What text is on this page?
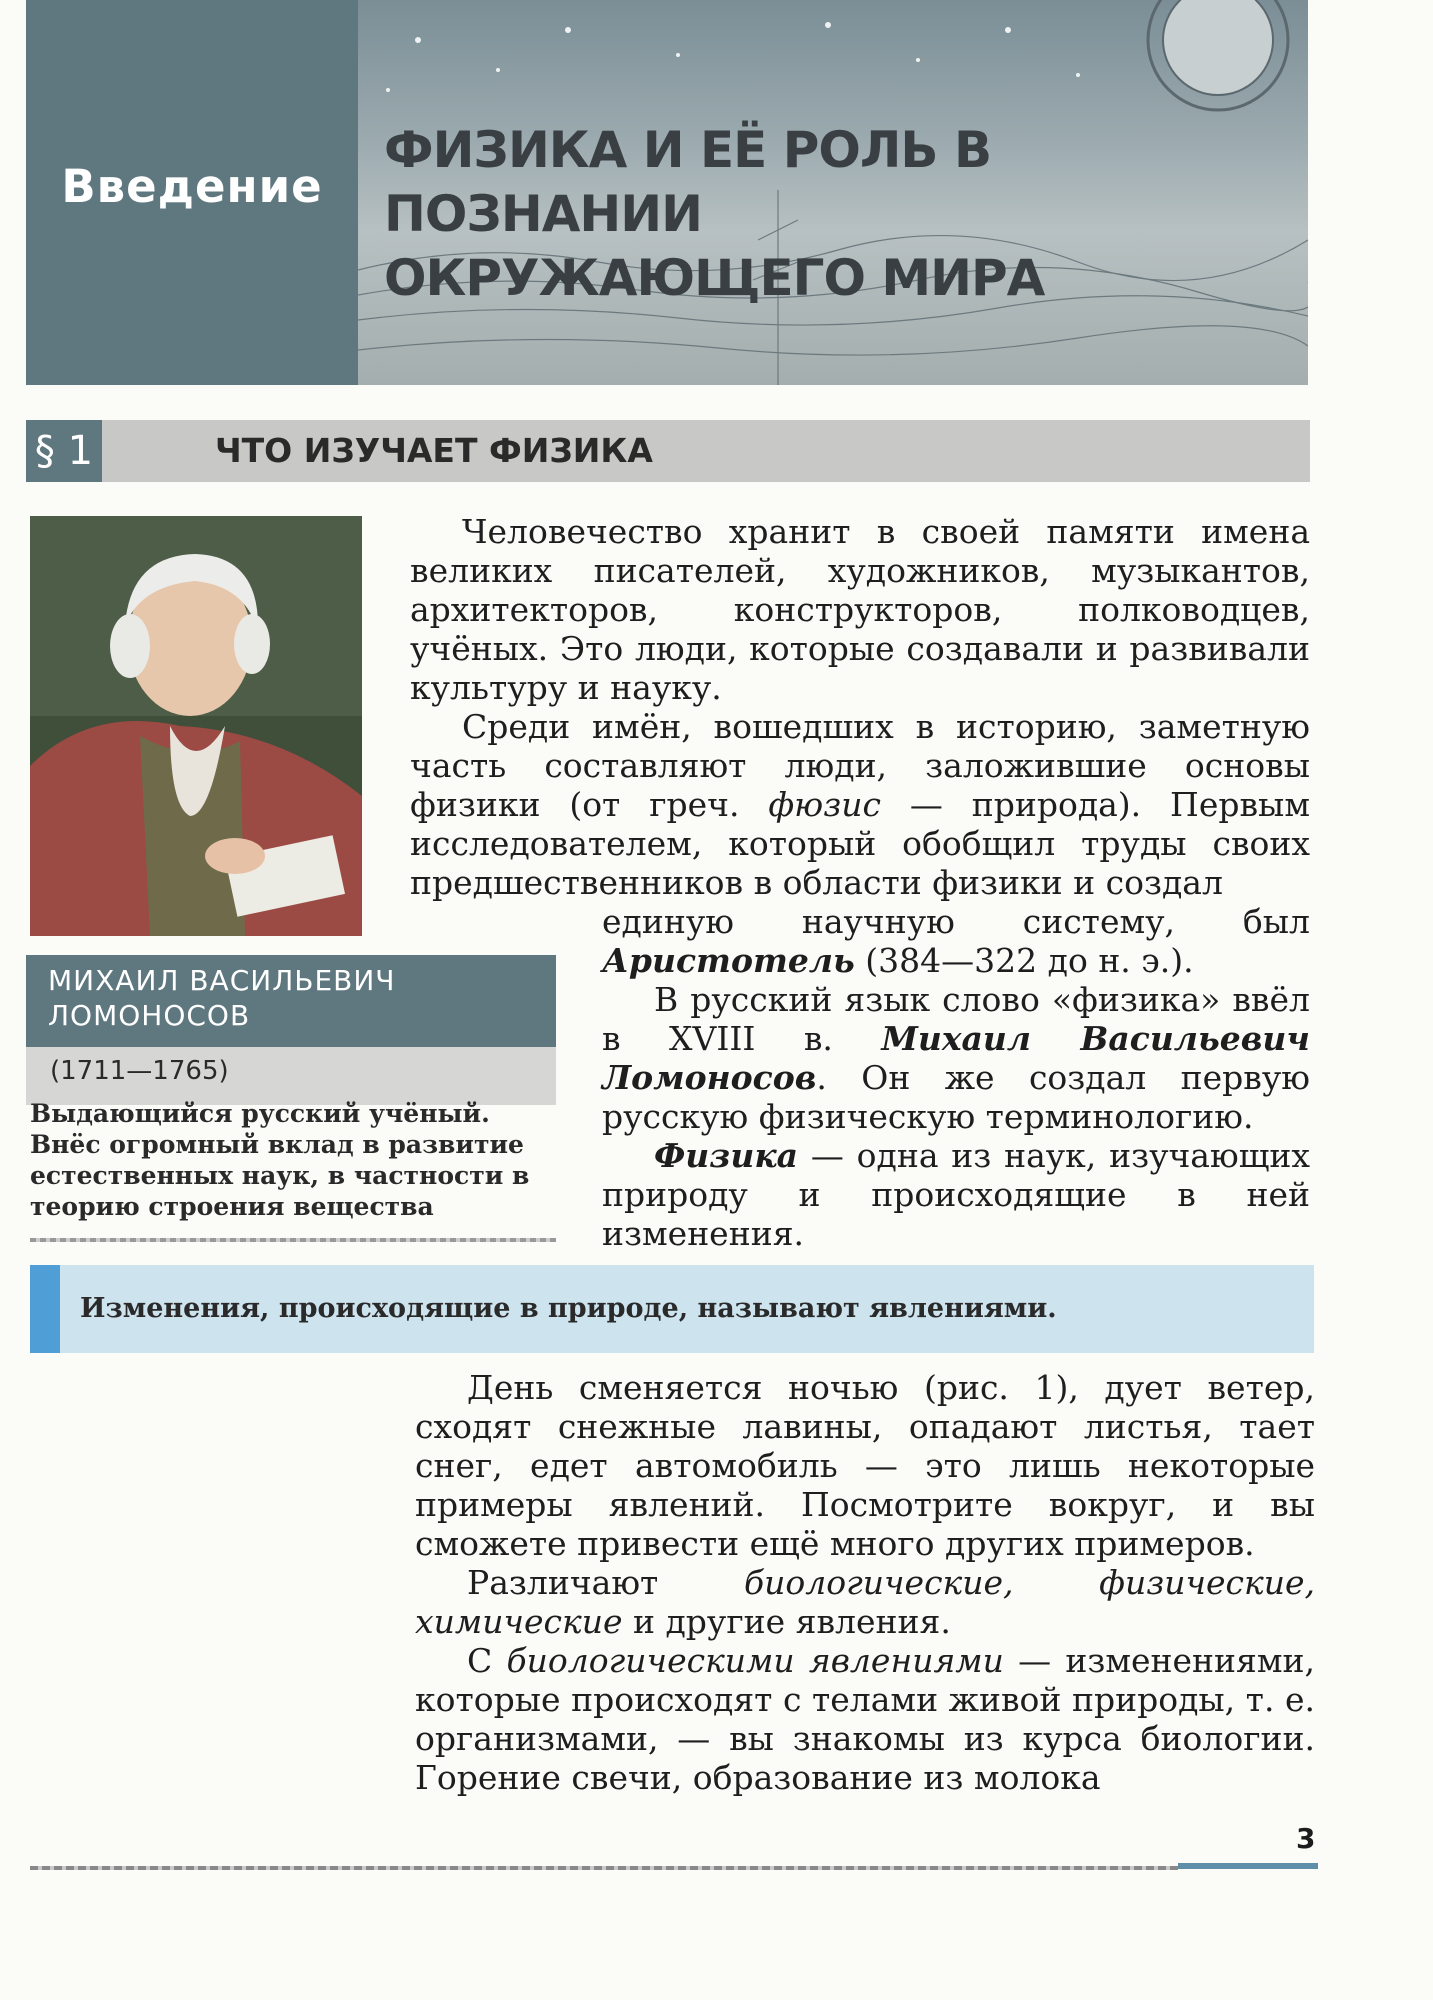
Введение
ФИЗИКА И ЕЁ РОЛЬ В ПОЗНАНИИ
ОКРУЖАЮЩЕГО МИРА
§ 1	ЧТО ИЗУЧАЕТ ФИЗИКА
МИХАИЛ ВАСИЛЬЕВИЧ
ЛОМОНОСОВ
(1711—1765)
Выдающийся русский учёный. Внёс огромный вклад в развитие естественных наук, в частности в теорию строения вещества

Человечество хранит в своей памяти имена великих писателей, художников, музыкантов, архитекторов, конструкторов, полководцев, учёных. Это люди, которые создавали и развивали культуру и науку.

Среди имён, вошедших в историю, заметную часть составляют люди, заложившие основы физики (от греч. фюзис — природа). Первым исследователем, который обобщил труды своих предшественников в области физики и создал

единую научную систему, был Аристотель (384—322 до н. э.).

В русский язык слово «физика» ввёл в XVIII в. Михаил Васильевич Ломоносов. Он же создал первую русскую физическую терминологию.

Физика — одна из наук, изучающих природу и происходящие в ней изменения.

Изменения, происходящие в природе, называют явлениями.

День сменяется ночью (рис. 1), дует ветер, сходят снежные лавины, опадают листья, тает снег, едет автомобиль — это лишь некоторые примеры явлений. Посмотрите вокруг, и вы сможете привести ещё много других примеров.

Различают биологические, физические, химические и другие явления.

С биологическими явлениями — изменениями, которые происходят с телами живой природы, т. е. организмами, — вы знакомы из курса биологии. Горение свечи, образование из молока

3
